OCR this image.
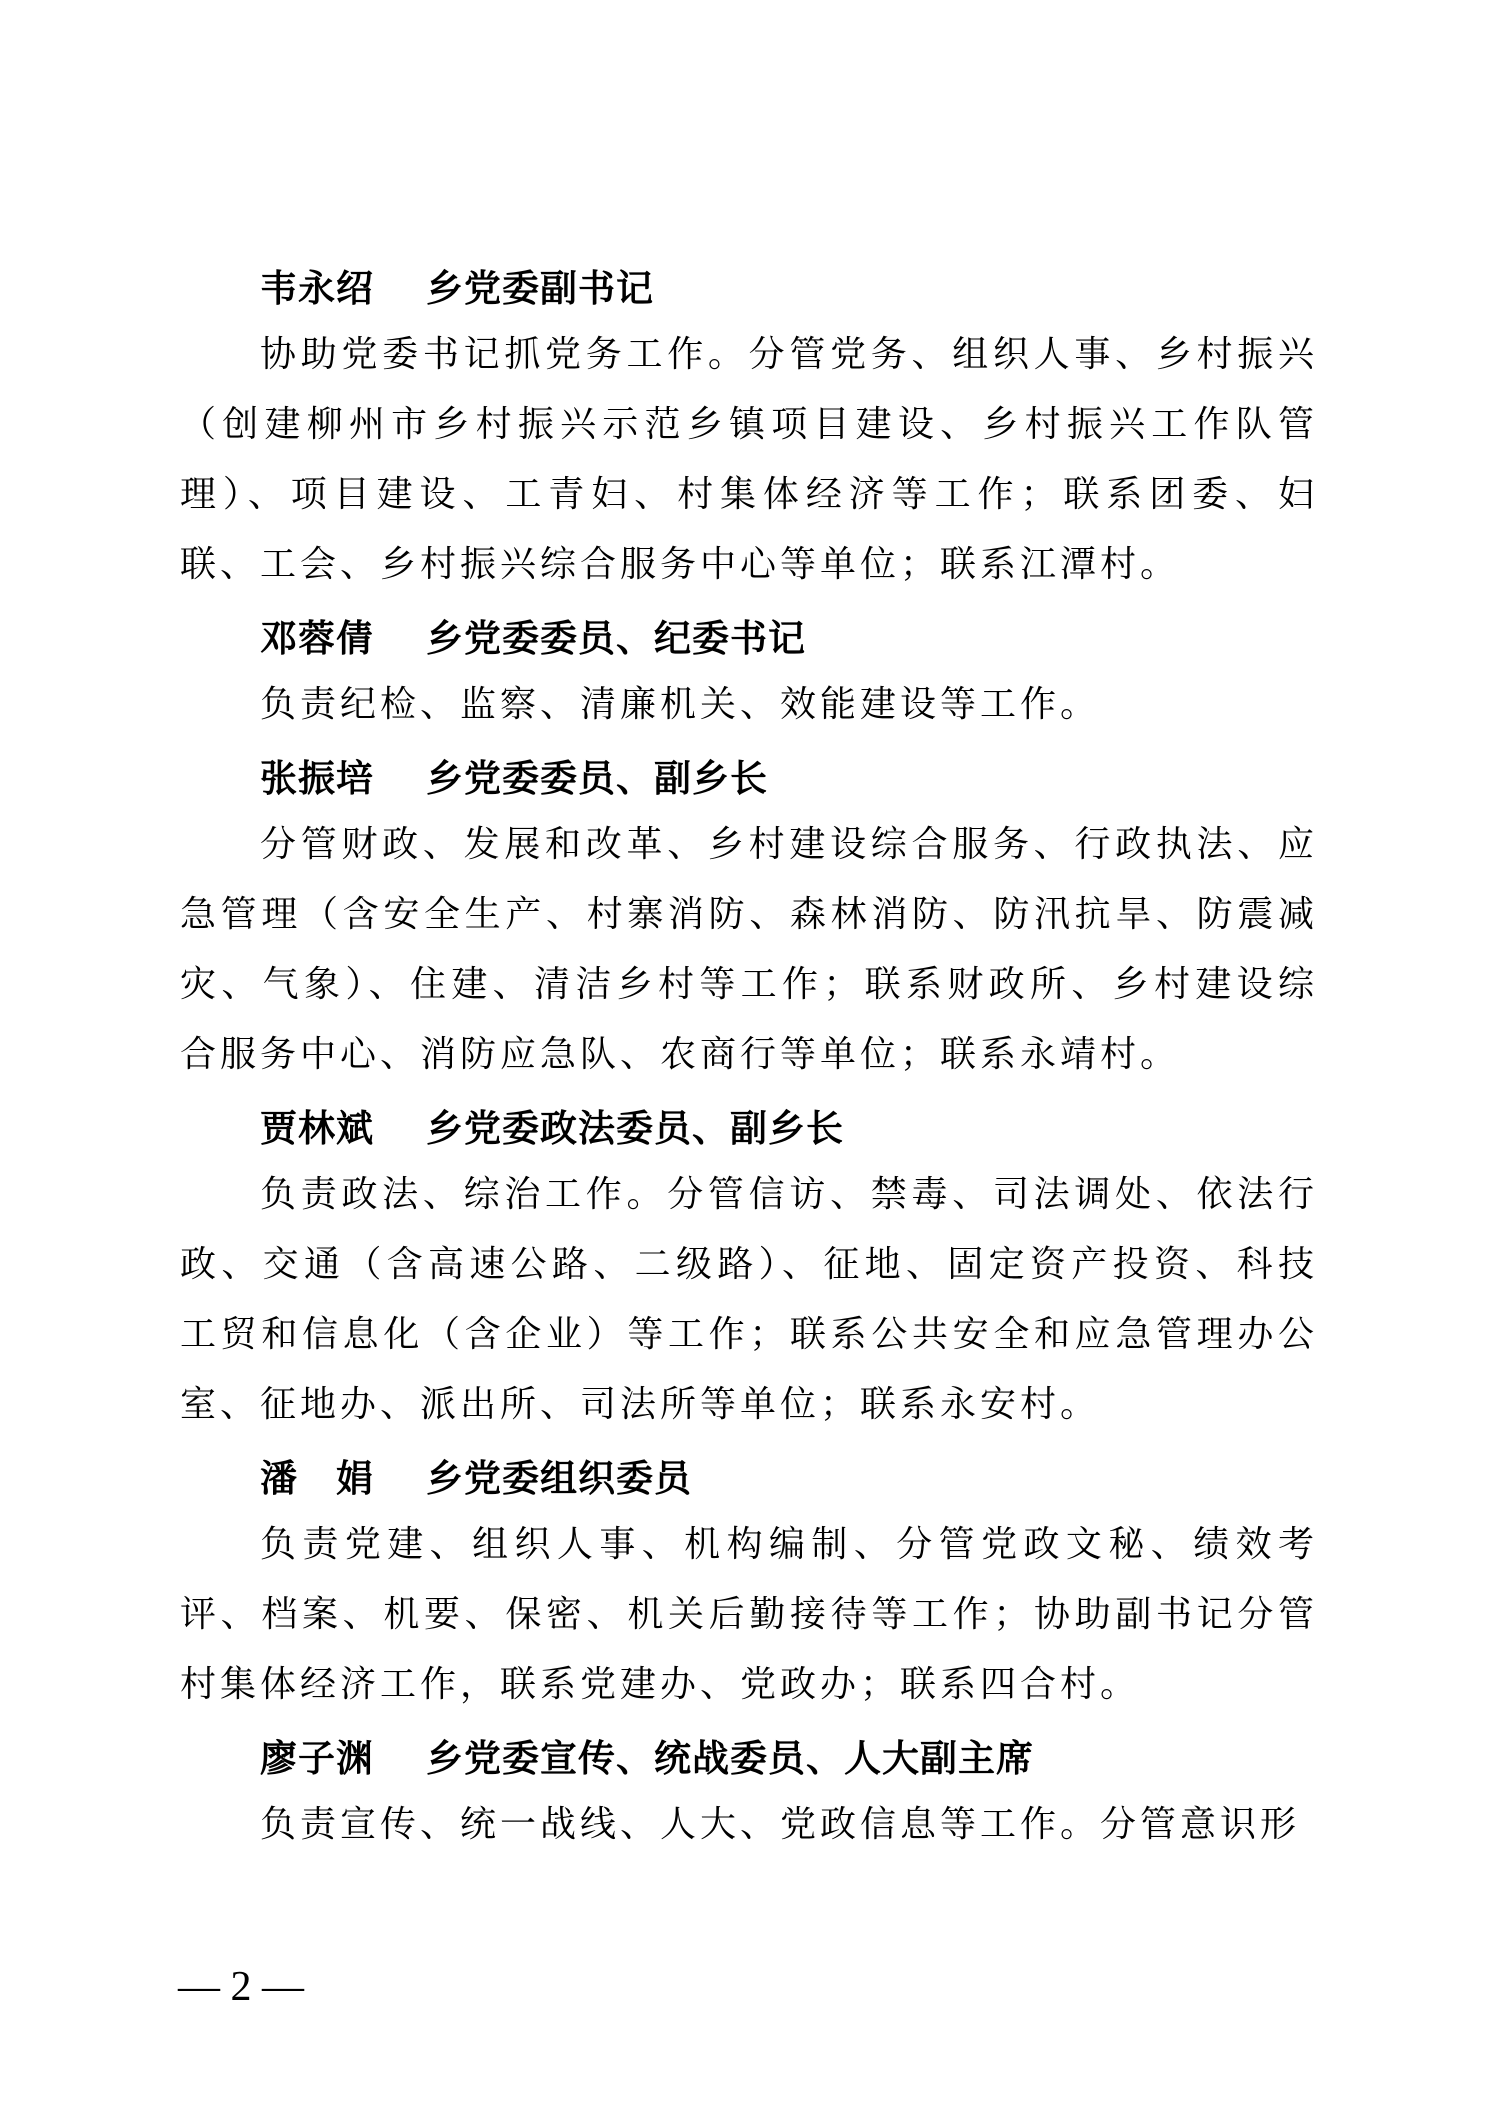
韦永绍 乡党委副书记

协助党委书记抓党务工作。分管党务、组织人事、乡村振兴（创建柳州市乡村振兴示范乡镇项目建设、乡村振兴工作队管理）、项目建设、工青妇、村集体经济等工作；联系团委、妇联、工会、乡村振兴综合服务中心等单位；联系江潭村。

邓蓉倩 乡党委委员、纪委书记

负责纪检、监察、清廉机关、效能建设等工作。

张振培 乡党委委员、副乡长

分管财政、发展和改革、乡村建设综合服务、行政执法、应急管理（含安全生产、村寨消防、森林消防、防汛抗旱、防震减灾、气象）、住建、清洁乡村等工作；联系财政所、乡村建设综合服务中心、消防应急队、农商行等单位；联系永靖村。

贾林斌 乡党委政法委员、副乡长

负责政法、综治工作。分管信访、禁毒、司法调处、依法行政、交通（含高速公路、二级路）、征地、固定资产投资、科技工贸和信息化（含企业）等工作；联系公共安全和应急管理办公室、征地办、派出所、司法所等单位；联系永安村。

潘　娟 乡党委组织委员

负责党建、组织人事、机构编制、分管党政文秘、绩效考评、档案、机要、保密、机关后勤接待等工作；协助副书记分管村集体经济工作，联系党建办、党政办；联系四合村。

廖子渊 乡党委宣传、统战委员、人大副主席

负责宣传、统一战线、人大、党政信息等工作。分管意识形

— 2 —
